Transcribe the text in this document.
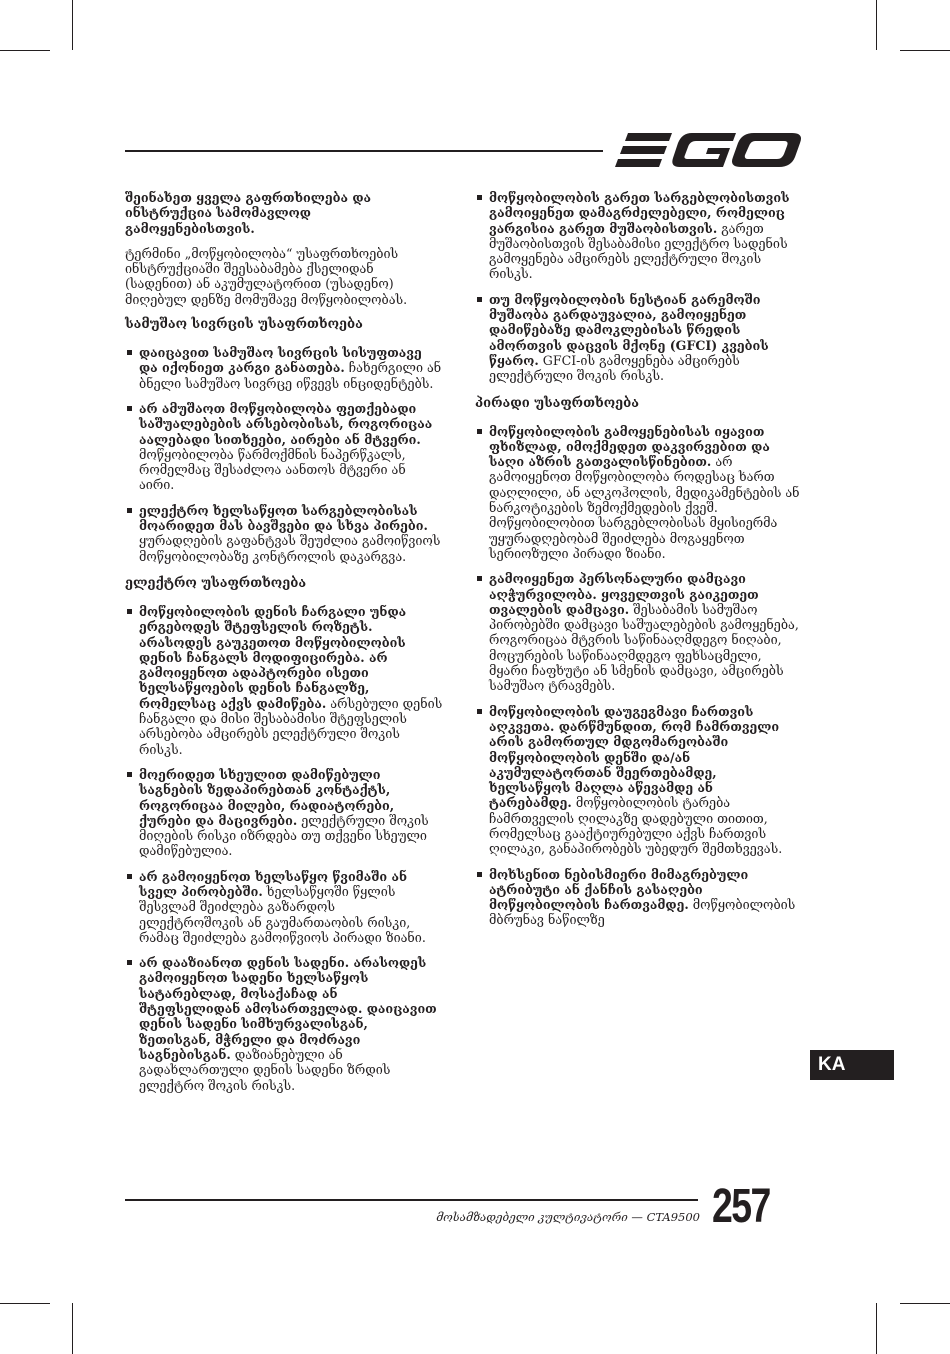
შეინახეთ ყველა გაფრთხილება და ინსტრუქცია სამომავლოდ გამოყენებისთვის.

ტერმინი „მოწყობილობა“ უსაფრთხოების ინსტრუქციაში შეესაბამება ქსელიდან (სადენით) ან აკუმულატორით (უსადენო) მიღებულ დენზე მომუშავე მოწყობილობას.

სამუშაო სივრცის უსაფრთხოება
დაიცავით სამუშაო სივრცის სისუფთავე და იქონიეთ კარგი განათება. ჩახერგილი ან ბნელი სამუშაო სივრცე იწვევს ინციდენტებს.
არ ამუშაოთ მოწყობილობა ფეთქებადი საშუალებების არსებობისას, როგორიცაა აალებადი სითხეები, აირები ან მტვერი. მოწყობილობა წარმოქმნის ნაპერწკალს, რომელმაც შესაძლოა აანთოს მტვერი ან აირი.
ელექტრო ხელსაწყოთ სარგებლობისას მოარიდეთ მას ბავშვები და სხვა პირები. ყურადღების გაფანტვას შეუძლია გამოიწვიოს მოწყობილობაზე კონტროლის დაკარგვა.
ელექტრო უსაფრთხოება
მოწყობილობის დენის ჩარგალი უნდა ერგებოდეს შტეფსელის როზეტს. არასოდეს გაუკეთოთ მოწყობილობის დენის ჩანგალს მოდიფიცირება. არ გამოიყენოთ ადაპტორები ისეთი ხელსაწყოების დენის ჩანგალზე, რომელსაც აქვს დამიწება. არსებული დენის ჩანგალი და მისი შესაბამისი შტეფსელის არსებობა ამცირებს ელექტრული შოკის რისკს.
მოერიდეთ სხეულით დამიწებული საგნების ზედაპირებთან კონტაქტს, როგორიცაა მილები, რადიატორები, ქურები და მაცივრები. ელექტრული შოკის მიღების რისკი იზრდება თუ თქვენი სხეული დამიწებულია.
არ გამოიყენოთ ხელსაწყო წვიმაში ან სველ პირობებში. ხელსაწყოში წყლის შესვლამ შეიძლება გაზარდოს ელექტროშოკის ან გაუმართაობის რისკი, რამაც შეიძლება გამოიწვიოს პირადი ზიანი.
არ დააზიანოთ დენის სადენი. არასოდეს გამოიყენოთ სადენი ხელსაწყოს სატარებლად, მოსაქაჩად ან შტეფსელიდან ამოსართველად. დაიცავით დენის სადენი სიმხურვალისგან, ზეთისგან, მჭრელი და მოძრავი საგნებისგან. დაზიანებული ან გადახლართული დენის სადენი ზრდის ელექტრო შოკის რისკს.
მოწყობილობის გარეთ სარგებლობისთვის გამოიყენეთ დამაგრძელებელი, რომელიც ვარგისია გარეთ მუშაობისთვის. გარეთ მუშაობისთვის შესაბამისი ელექტრო სადენის გამოყენება ამცირებს ელექტრული შოკის რისკს.
თუ მოწყობილობის ნესტიან გარემოში მუშაობა გარდაუვალია, გამოიყენეთ დამიწებაზე დამოკლებისას წრედის ამორთვის დაცვის მქონე (GFCI) კვების წყარო. GFCI-ის გამოყენება ამცირებს ელექტრული შოკის რისკს.
პირადი უსაფრთხოება
მოწყობილობის გამოყენებისას იყავით ფხიზლად, იმოქმედეთ დაკვირვებით და საღი აზრის გათვალისწინებით. არ გამოიყენოთ მოწყობილობა როდესაც ხართ დაღლილი, ან ალკოჰოლის, მედიკამენტების ან ნარკოტიკების ზემოქმედების ქვეშ. მოწყობილობით სარგებლობისას მყისიერმა უყურადღებობამ შეიძლება მოგაყენოთ სერიოზული პირადი ზიანი.
გამოიყენეთ პერსონალური დამცავი აღჭურვილობა. ყოველთვის გაიკეთეთ თვალების დამცავი. შესაბამის სამუშაო პირობებში დამცავი საშუალებების გამოყენება, როგორიცაა მტვრის საწინააღმდეგო ნიღაბი, მოცურების საწინააღმდეგო ფეხსაცმელი, მყარი ჩაფხუტი ან სმენის დამცავი, ამცირებს სამუშაო ტრავმებს.
მოწყობილობის დაუგეგმავი ჩართვის აღკვეთა. დარწმუნდით, რომ ჩამრთველი არის გამორთულ მდგომარეობაში მოწყობილობის დენში და/ან აკუმულატორთან შეერთებამდე, ხელსაწყოს მაღლა აწევამდე ან ტარებამდე. მოწყობილობის ტარება ჩამრთველის ღილაკზე დადებული თითით, რომელსაც გააქტიურებული აქვს ჩართვის ღილაკი, განაპირობებს უბედურ შემთხვევას.
მოხსენით ნებისმიერი მიმაგრებული ატრიბუტი ან ქანჩის გასაღები მოწყობილობის ჩართვამდე. მოწყობილობის მბრუნავ ნაწილზე
KA
მოსამზადებელი კულტივატორი — CTA9500 257
